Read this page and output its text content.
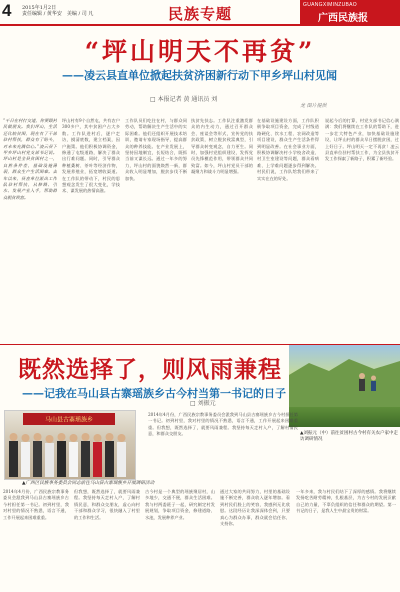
4 2015年1月2日
责任编辑 / 黄华安　美编 / 司 凡	民族专题	GUANGXIMINZUBAO
广西民族报
“坪山明天不再贫”
——凌云县直单位掀起扶贫济困新行动下甲乡坪山村见闻
□ 本报记者 黄 通讯员 刘
龙 图片提供
“平日在村打交道，你要跟村民做朋友。我们坪山，生活还比较贫困，现在有了干部驻村帮扶，群众有了盼头，对未来充满信心。”凌云县下甲乡坪山村党支部书记说。坪山村是全县贫困村之一，自然条件差，基础设施薄弱，群众生产生活困难。去年以来，县直单位派出工作队驻村帮扶，从修路、引水、发展产业入手，帮助群众脱贫致富。
坪山村有9个自然屯，共有农户300多户，其中贫困户占大多数。工作队进村后，逐户走访，摸清底数，建立档案，因户施策。他们积极协调资金，修通了屯级道路，解决了群众出行难问题。同时，引导群众种植桑树、茶叶等经济作物，发展养殖业，拓宽增收渠道。在工作队的带动下，村民的思想观念发生了很大变化，学技术、谋发展的热情高涨。
工作队员们吃住在村，与群众同劳动，帮助解决生产生活中的实际困难。他们还组织开展技术培训，邀请专家现场指导，提高群众的种养技能。在产业发展上，坚持因地制宜，长短结合，既抓当前又谋长远。通过一年多的努力，坪山村的面貌焕然一新，群众收入明显增加，脱贫步伐不断加快。
扶贫先扶志。工作队注重激发群众的内生动力，通过召开群众会、座谈会等形式，宣传党的扶贫政策，树立脱贫致富典型，引导群众转变观念，自力更生。同时，加强村党组织建设，发挥党员先锋模范作用，带领群众共同致富。如今，坪山村党员干部的凝聚力和战斗力明显增强。
在基础设施建设方面，工作队积极争取项目资金，完成了村级道路硬化、饮水工程、农网改造等项目建设，群众生产生活条件得到明显改善。在社会事业方面，积极协调解决村小学校舍改造、村卫生室建设等问题，群众看病难、上学难问题逐步得到解决。村民们说，工作队给我们带来了实实在在的好处。
说起今后的打算，村党支部书记信心满满：我们将继续在工作队的帮助下，进一步壮大特色产业，加快基础设施建设，让坪山村的群众早日摆脱贫困，过上好日子。坪山明天一定不再贫！凌云县直单位驻村帮扶工作，为全县扶贫开发工作探索了新路子，积累了新经验。
既然选择了，则风雨兼程
——记我在马山县古寨瑶族乡古今村当第一书记的日子
□ 刘振元
▲刘振元（中）前往贫困村古今村有关农户家中走访调研情况
马山县古寨瑶族乡
▲广西区民族事务委员会同志前往马山县古寨瑶族乡开展调研活动
2014年4月份，广西民族宗教事务委员会派我到马山县古寨瑶族乡古今村担任第一书记。初到村里，我对村里的情况不熟悉，语言不通，工作开展起来困难重重。但我想，既然选择了，就要风雨兼程。我坚持每天走村入户，了解村情民意，和群众交朋友。
2014年4月份，广西民族宗教事务委员会派我到马山县古寨瑶族乡古今村担任第一书记。初到村里，我对村里的情况不熟悉，语言不通，工作开展起来困难重重。
但我想，既然选择了，就要风雨兼程。我坚持每天走村入户，了解村情民意，和群众交朋友，虚心向村干部和群众学习，很快融入了村里的工作和生活。
古今村是一个典型的瑶族聚居村，山多地少，交通不便，群众生活困难。我与村两委班子一起，研究制定村发展规划，争取项目资金，修建道路、水池，发展种养产业。
通过大家的共同努力，村里的基础设施不断完善，群众收入逐年增加。看到村民们脸上的笑容，我感到无比欣慰。这段经历让我深深体会到，只要真心为群众办事，群众就会信任你、支持你。
一年多来，我与村民们结下了深厚的感情。我将继续发扬吃苦耐劳精神，扎根基层，为古今村的发展贡献自己的力量，不辜负组织的信任和群众的期望。第一书记的日子，是我人生中最宝贵的财富。
